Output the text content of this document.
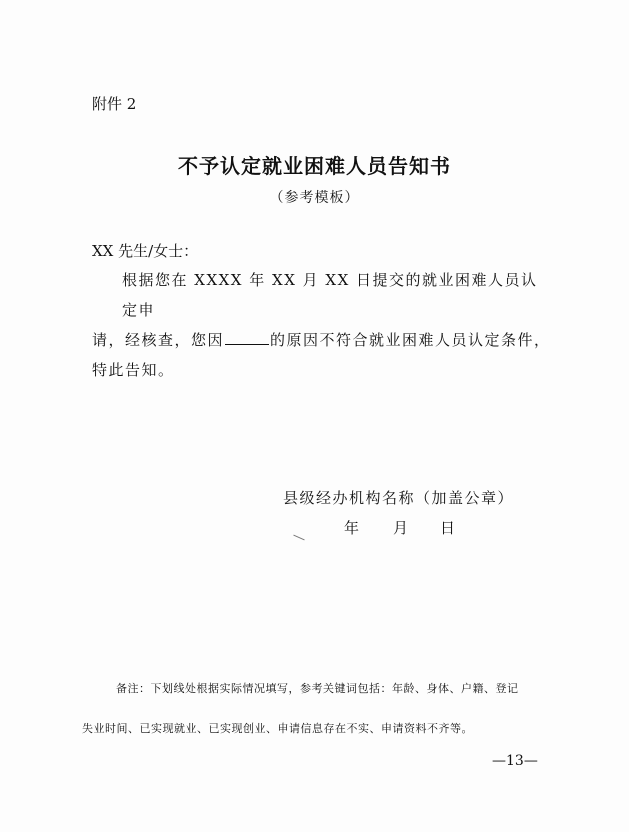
附件 2
不予认定就业困难人员告知书
（参考模板）
XX 先生/女士：
根据您在 XXXX 年 XX 月 XX 日提交的就业困难人员认定申
请，经核查，您因	的原因不符合就业困难人员认定条件，
特此告知。
县级经办机构名称（加盖公章）
年 月 日
备注：下划线处根据实际情况填写，参考关键词包括：年龄、身体、户籍、登记
失业时间、已实现就业、已实现创业、申请信息存在不实、申请资料不齐等。
—13—
